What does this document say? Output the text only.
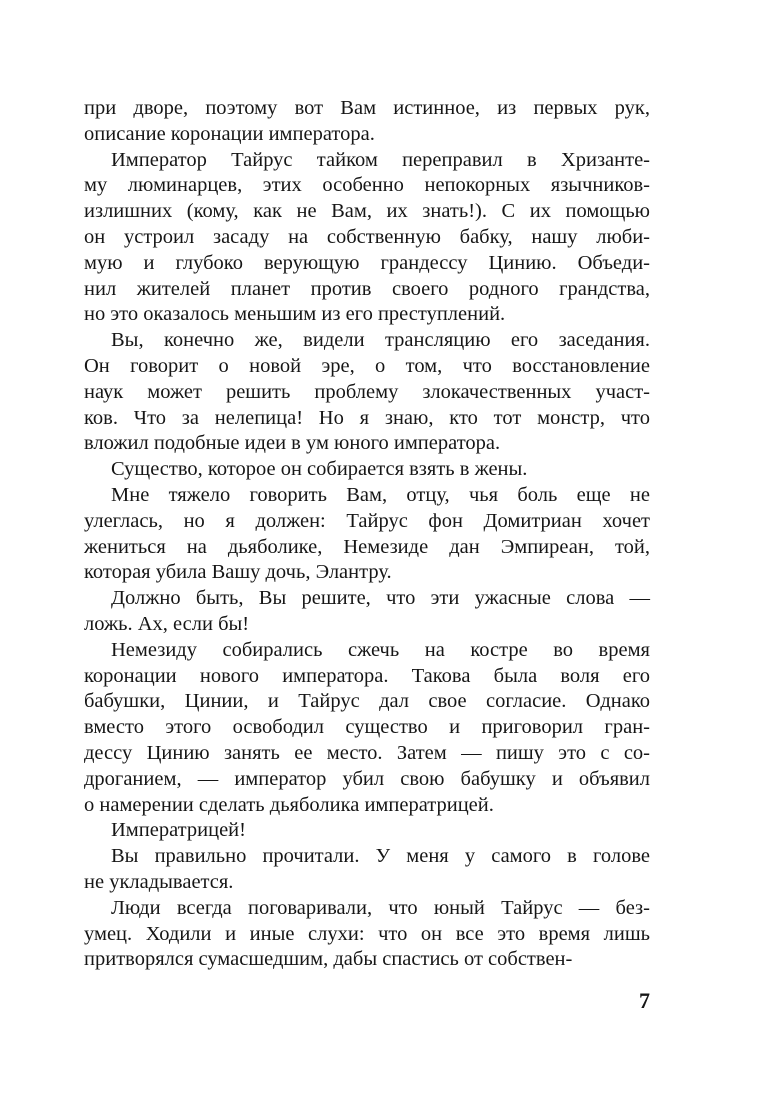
при дворе, поэтому вот Вам истинное, из первых рук,
описание коронации императора.
Император Тайрус тайком переправил в Хризанте-
му люминарцев, этих особенно непокорных язычников-
излишних (кому, как не Вам, их знать!). С их помощью
он устроил засаду на собственную бабку, нашу люби-
мую и глубоко верующую грандессу Цинию. Объеди-
нил жителей планет против своего родного грандства,
но это оказалось меньшим из его преступлений.
Вы, конечно же, видели трансляцию его заседания.
Он говорит о новой эре, о том, что восстановление
наук может решить проблему злокачественных участ-
ков. Что за нелепица! Но я знаю, кто тот монстр, что
вложил подобные идеи в ум юного императора.
Существо, которое он собирается взять в жены.
Мне тяжело говорить Вам, отцу, чья боль еще не
улеглась, но я должен: Тайрус фон Домитриан хочет
жениться на дьяболике, Немезиде дан Эмпиреан, той,
которая убила Вашу дочь, Элантру.
Должно быть, Вы решите, что эти ужасные слова —
ложь. Ах, если бы!
Немезиду собирались сжечь на костре во время
коронации нового императора. Такова была воля его
бабушки, Цинии, и Тайрус дал свое согласие. Однако
вместо этого освободил существо и приговорил гран-
дессу Цинию занять ее место. Затем — пишу это с со-
дроганием, — император убил свою бабушку и объявил
о намерении сделать дьяболика императрицей.
Императрицей!
Вы правильно прочитали. У меня у самого в голове
не укладывается.
Люди всегда поговаривали, что юный Тайрус — без-
умец. Ходили и иные слухи: что он все это время лишь
притворялся сумасшедшим, дабы спастись от собствен-
7
